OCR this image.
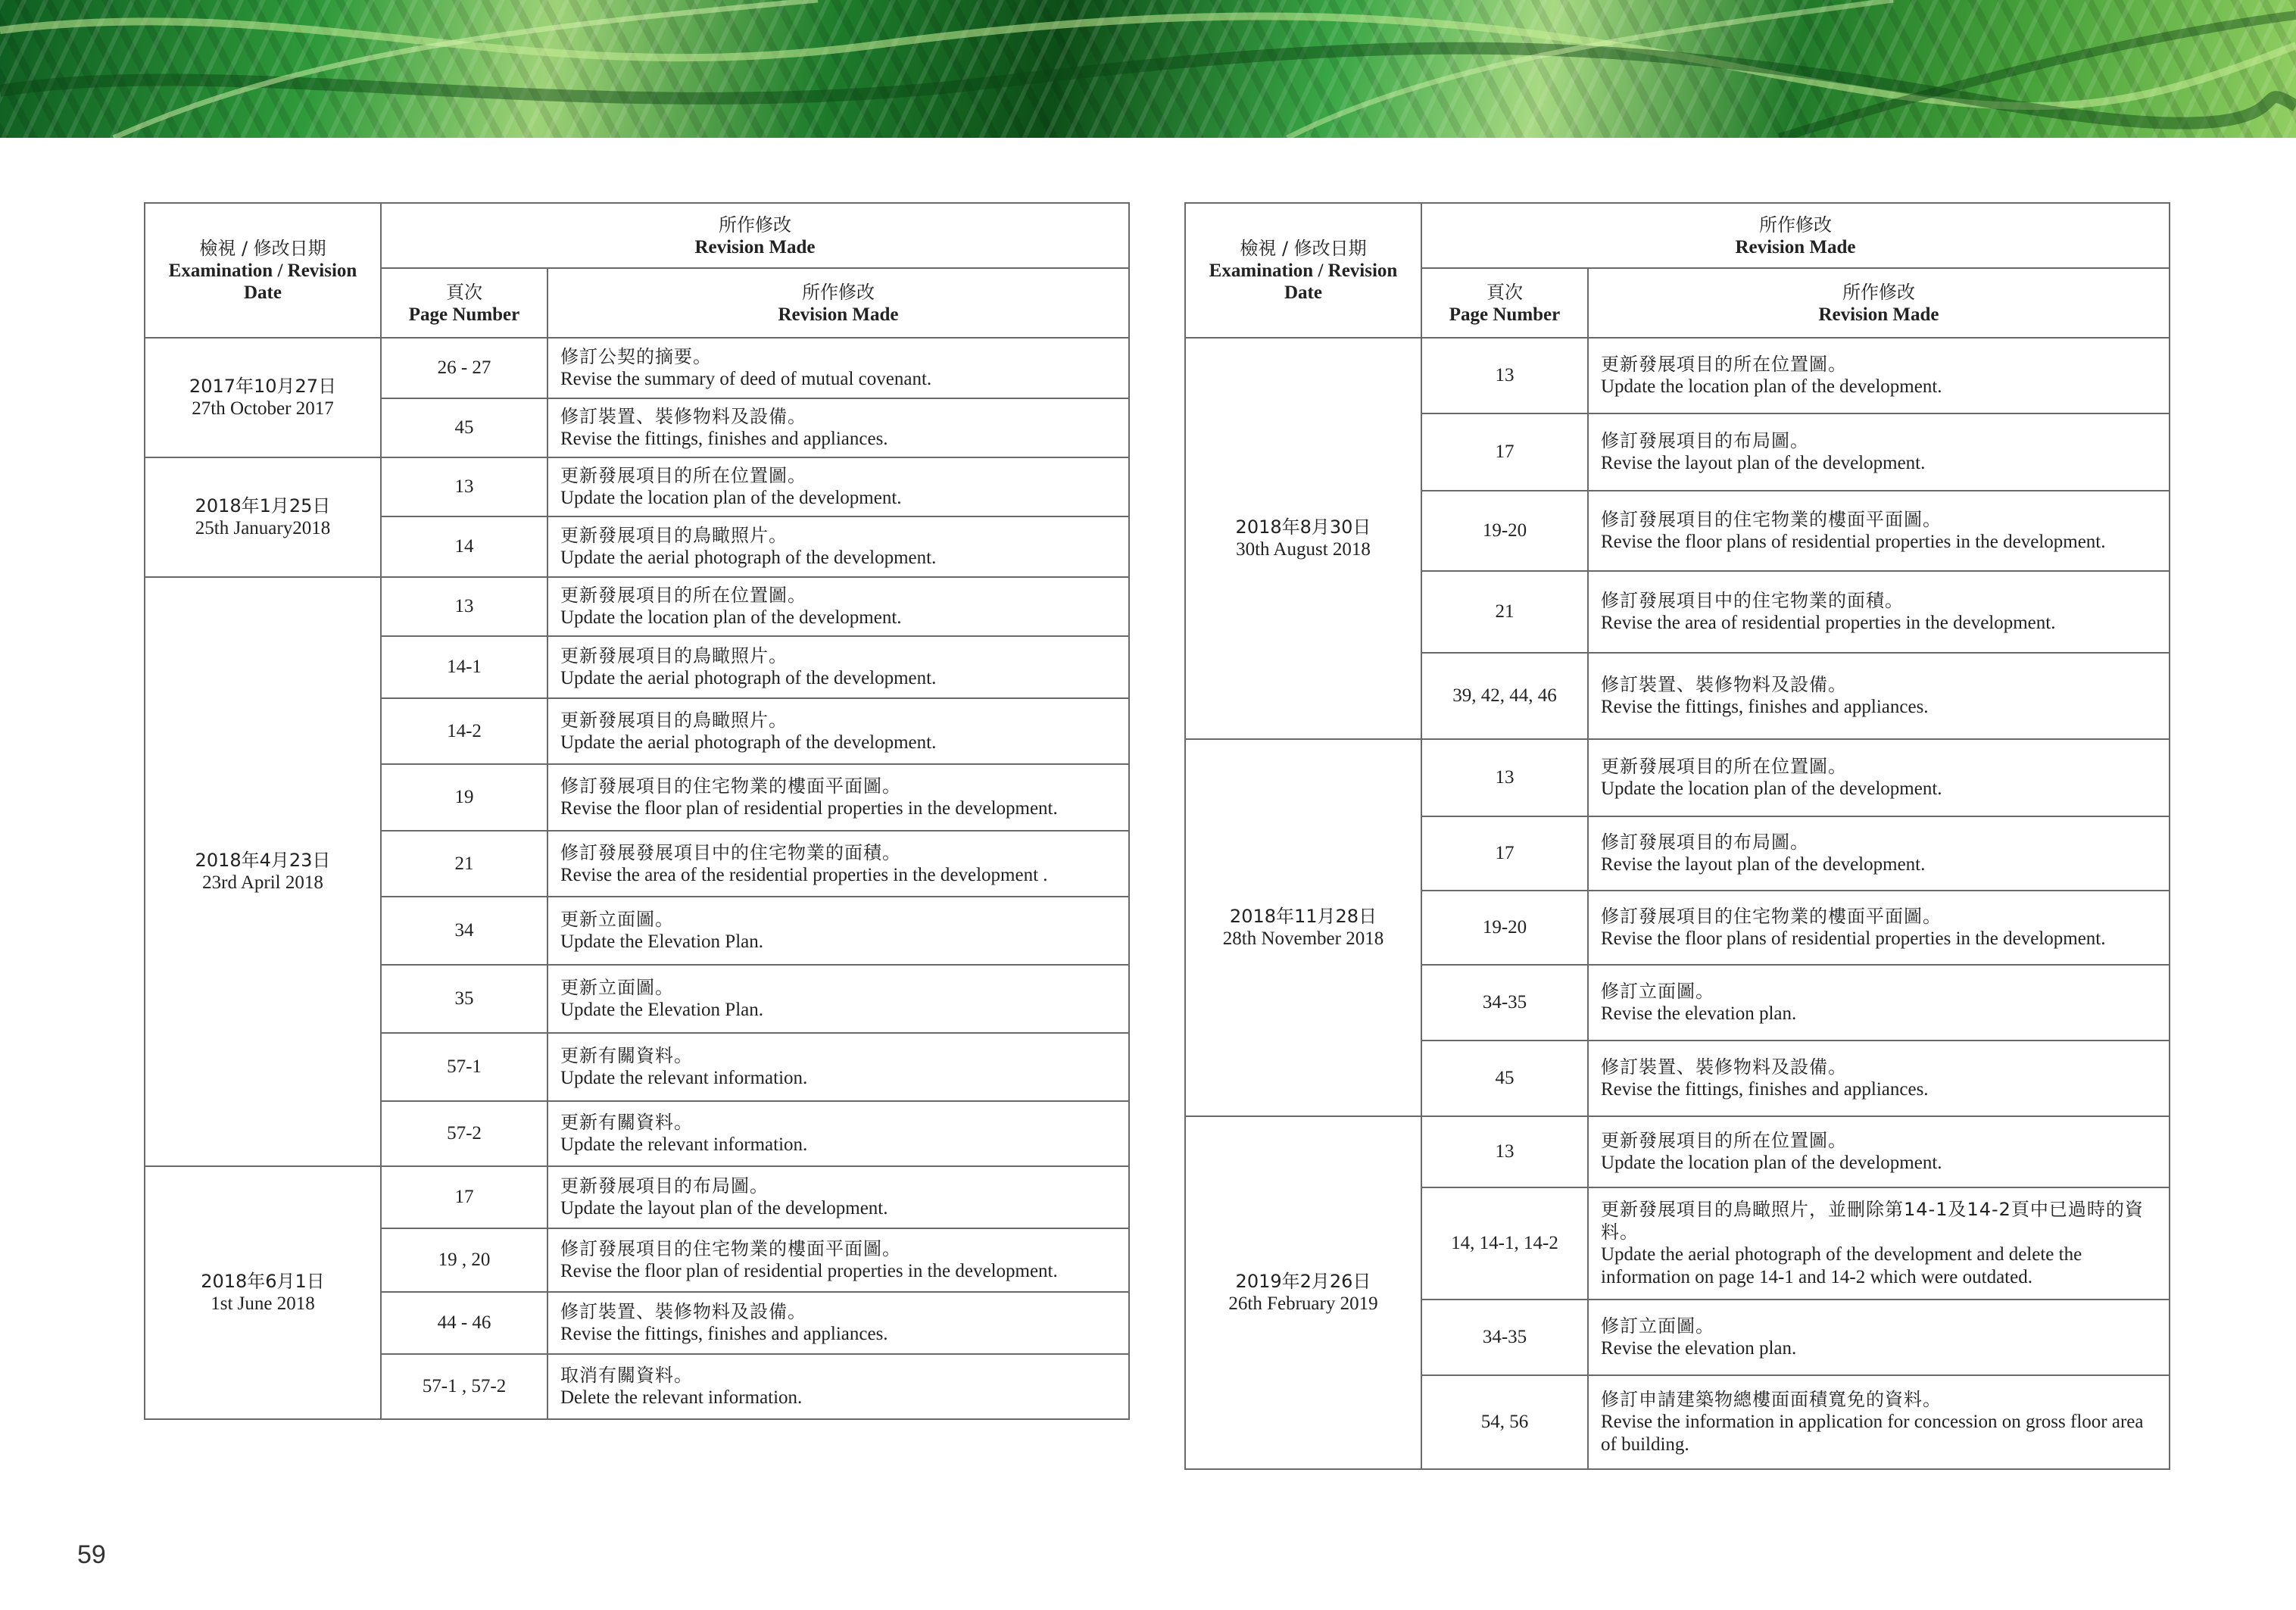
檢視 / 修改日期
Examination / Revision Date	所作修改
Revision Made	

	頁次
Page Number	所作修改
Revision Made

2017年10月27日
27th October 2017	26 - 27	修訂公契的摘要。
Revise the summary of deed of mutual covenant.

	45	修訂裝置、裝修物料及設備。
Revise the fittings, finishes and appliances.

2018年1月25日
25th January2018	13	更新發展項目的所在位置圖。
Update the location plan of the development.

	14	更新發展項目的鳥瞰照片。
Update the aerial photograph of the development.

2018年4月23日
23rd April 2018	13	更新發展項目的所在位置圖。
Update the location plan of the development.

	14-1	更新發展項目的鳥瞰照片。
Update the aerial photograph of the development.

	14-2	更新發展項目的鳥瞰照片。
Update the aerial photograph of the development.

	19	修訂發展項目的住宅物業的樓面平面圖。
Revise the floor plan of residential properties in the development.

	21	修訂發展發展項目中的住宅物業的面積。
Revise the area of the residential properties in the development .

	34	更新立面圖。
Update the Elevation Plan.

	35	更新立面圖。
Update the Elevation Plan.

	57-1	更新有關資料。
Update the relevant information.

	57-2	更新有關資料。
Update the relevant information.

2018年6月1日
1st June 2018	17	更新發展項目的布局圖。
Update the layout plan of the development.

	19 , 20	修訂發展項目的住宅物業的樓面平面圖。
Revise the floor plan of residential properties in the development.

	44 - 46	修訂裝置、裝修物料及設備。
Revise the fittings, finishes and appliances.

	57-1 , 57-2	取消有關資料。
Delete the relevant information.
檢視 / 修改日期
Examination / Revision Date	所作修改
Revision Made	

	頁次
Page Number	所作修改
Revision Made

2018年8月30日
30th August 2018	13	更新發展項目的所在位置圖。
Update the location plan of the development.

	17	修訂發展項目的布局圖。
Revise the layout plan of the development.

	19-20	修訂發展項目的住宅物業的樓面平面圖。
Revise the floor plans of residential properties in the development.

	21	修訂發展項目中的住宅物業的面積。
Revise the area of residential properties in the development.

	39, 42, 44, 46	修訂裝置、裝修物料及設備。
Revise the fittings, finishes and appliances.

2018年11月28日
28th November 2018	13	更新發展項目的所在位置圖。
Update the location plan of the development.

	17	修訂發展項目的布局圖。
Revise the layout plan of the development.

	19-20	修訂發展項目的住宅物業的樓面平面圖。
Revise the floor plans of residential properties in the development.

	34-35	修訂立面圖。
Revise the elevation plan.

	45	修訂裝置、裝修物料及設備。
Revise the fittings, finishes and appliances.

2019年2月26日
26th February 2019	13	更新發展項目的所在位置圖。
Update the location plan of the development.

	14, 14-1, 14-2	更新發展項目的鳥瞰照片，並刪除第14-1及14-2頁中已過時的資料。
Update the aerial photograph of the development and delete the information on page 14-1 and 14-2 which were outdated.

	34-35	修訂立面圖。
Revise the elevation plan.

	54, 56	修訂申請建築物總樓面面積寬免的資料。
Revise the information in application for concession on gross floor area of building.
59
